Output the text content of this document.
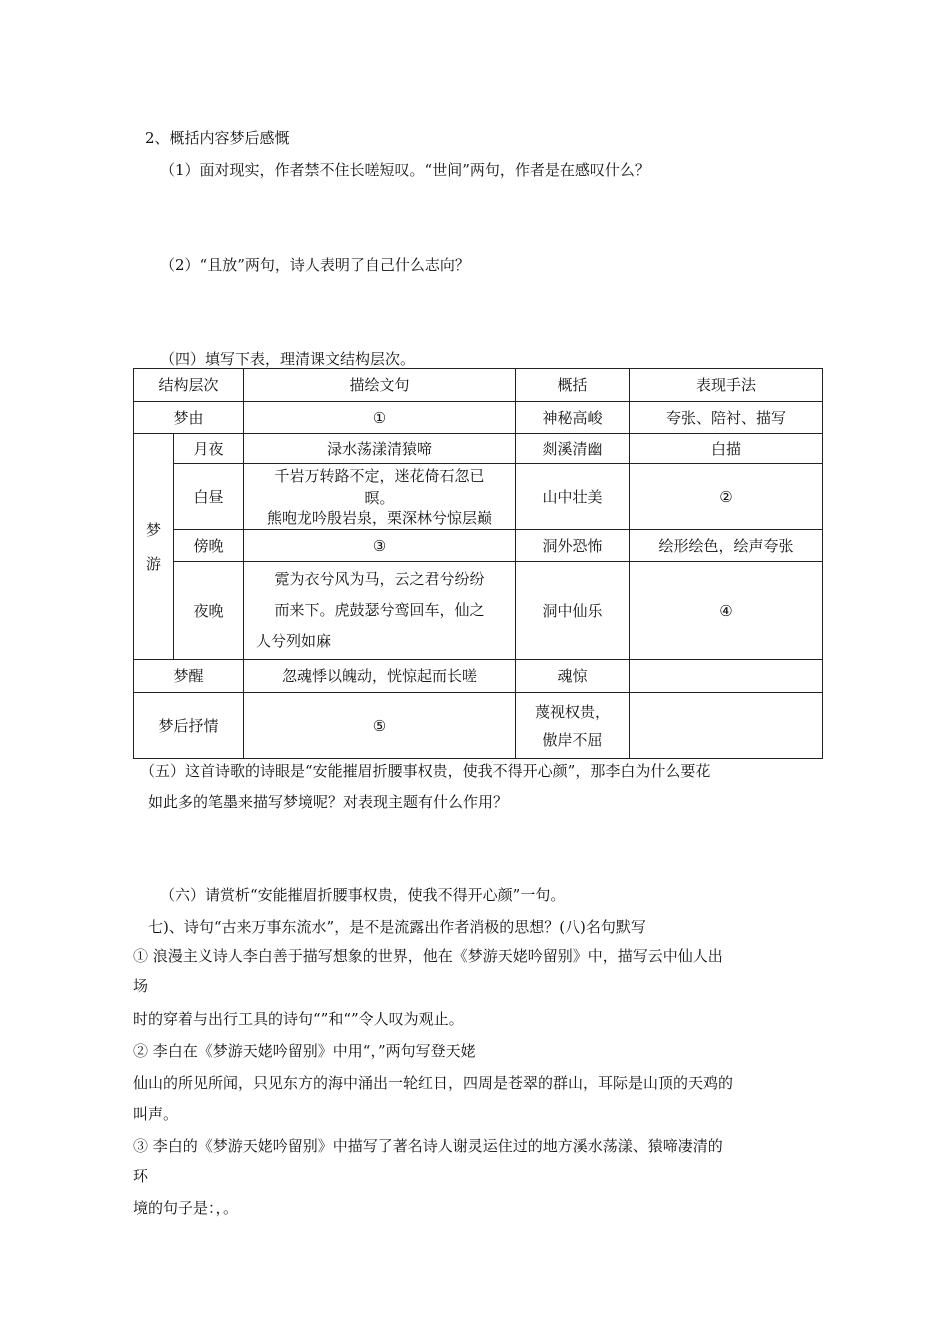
2、概括内容梦后感慨
（1）面对现实，作者禁不住长嗟短叹。“世间”两句，作者是在感叹什么？
（2）“且放”两句，诗人表明了自己什么志向？
（四）填写下表，理清课文结构层次。
结构层次		描绘文句	概括	表现手法
梦由		①	神秘高峻	夸张、陪衬、描写
梦
游	月夜	渌水荡漾清猿啼	剡溪清幽	白描
	白昼	千岩万转路不定，迷花倚石忽已
暝。
熊咆龙吟殷岩泉，栗深林兮惊层巅	山中壮美	②
	傍晚	③	洞外恐怖	绘形绘色，绘声夸张
	夜晚	霓为衣兮风为马，云之君兮纷纷
而来下。虎鼓瑟兮鸾回车，仙之
人兮列如麻	洞中仙乐	④
梦醒		忽魂悸以魄动，恍惊起而长嗟	魂惊	
梦后抒情		⑤	蔑视权贵，
傲岸不屈	

（五）这首诗歌的诗眼是“安能摧眉折腰事权贵，使我不得开心颜”，那李白为什么要花
如此多的笔墨来描写梦境呢？对表现主题有什么作用？
（六）请赏析“安能摧眉折腰事权贵，使我不得开心颜”一句。
七)、诗句“古来万事东流水”，是不是流露出作者消极的思想？(八)名句默写
① 浪漫主义诗人李白善于描写想象的世界，他在《梦游天姥吟留别》中，描写云中仙人出
场
时的穿着与出行工具的诗句“”和“”令人叹为观止。
② 李白在《梦游天姥吟留别》中用“，”两句写登天姥
仙山的所见所闻，只见东方的海中涌出一轮红日，四周是苍翠的群山，耳际是山顶的天鸡的
叫声。
③ 李白的《梦游天姥吟留别》中描写了著名诗人谢灵运住过的地方溪水荡漾、猿啼凄清的
环
境的句子是：，。
